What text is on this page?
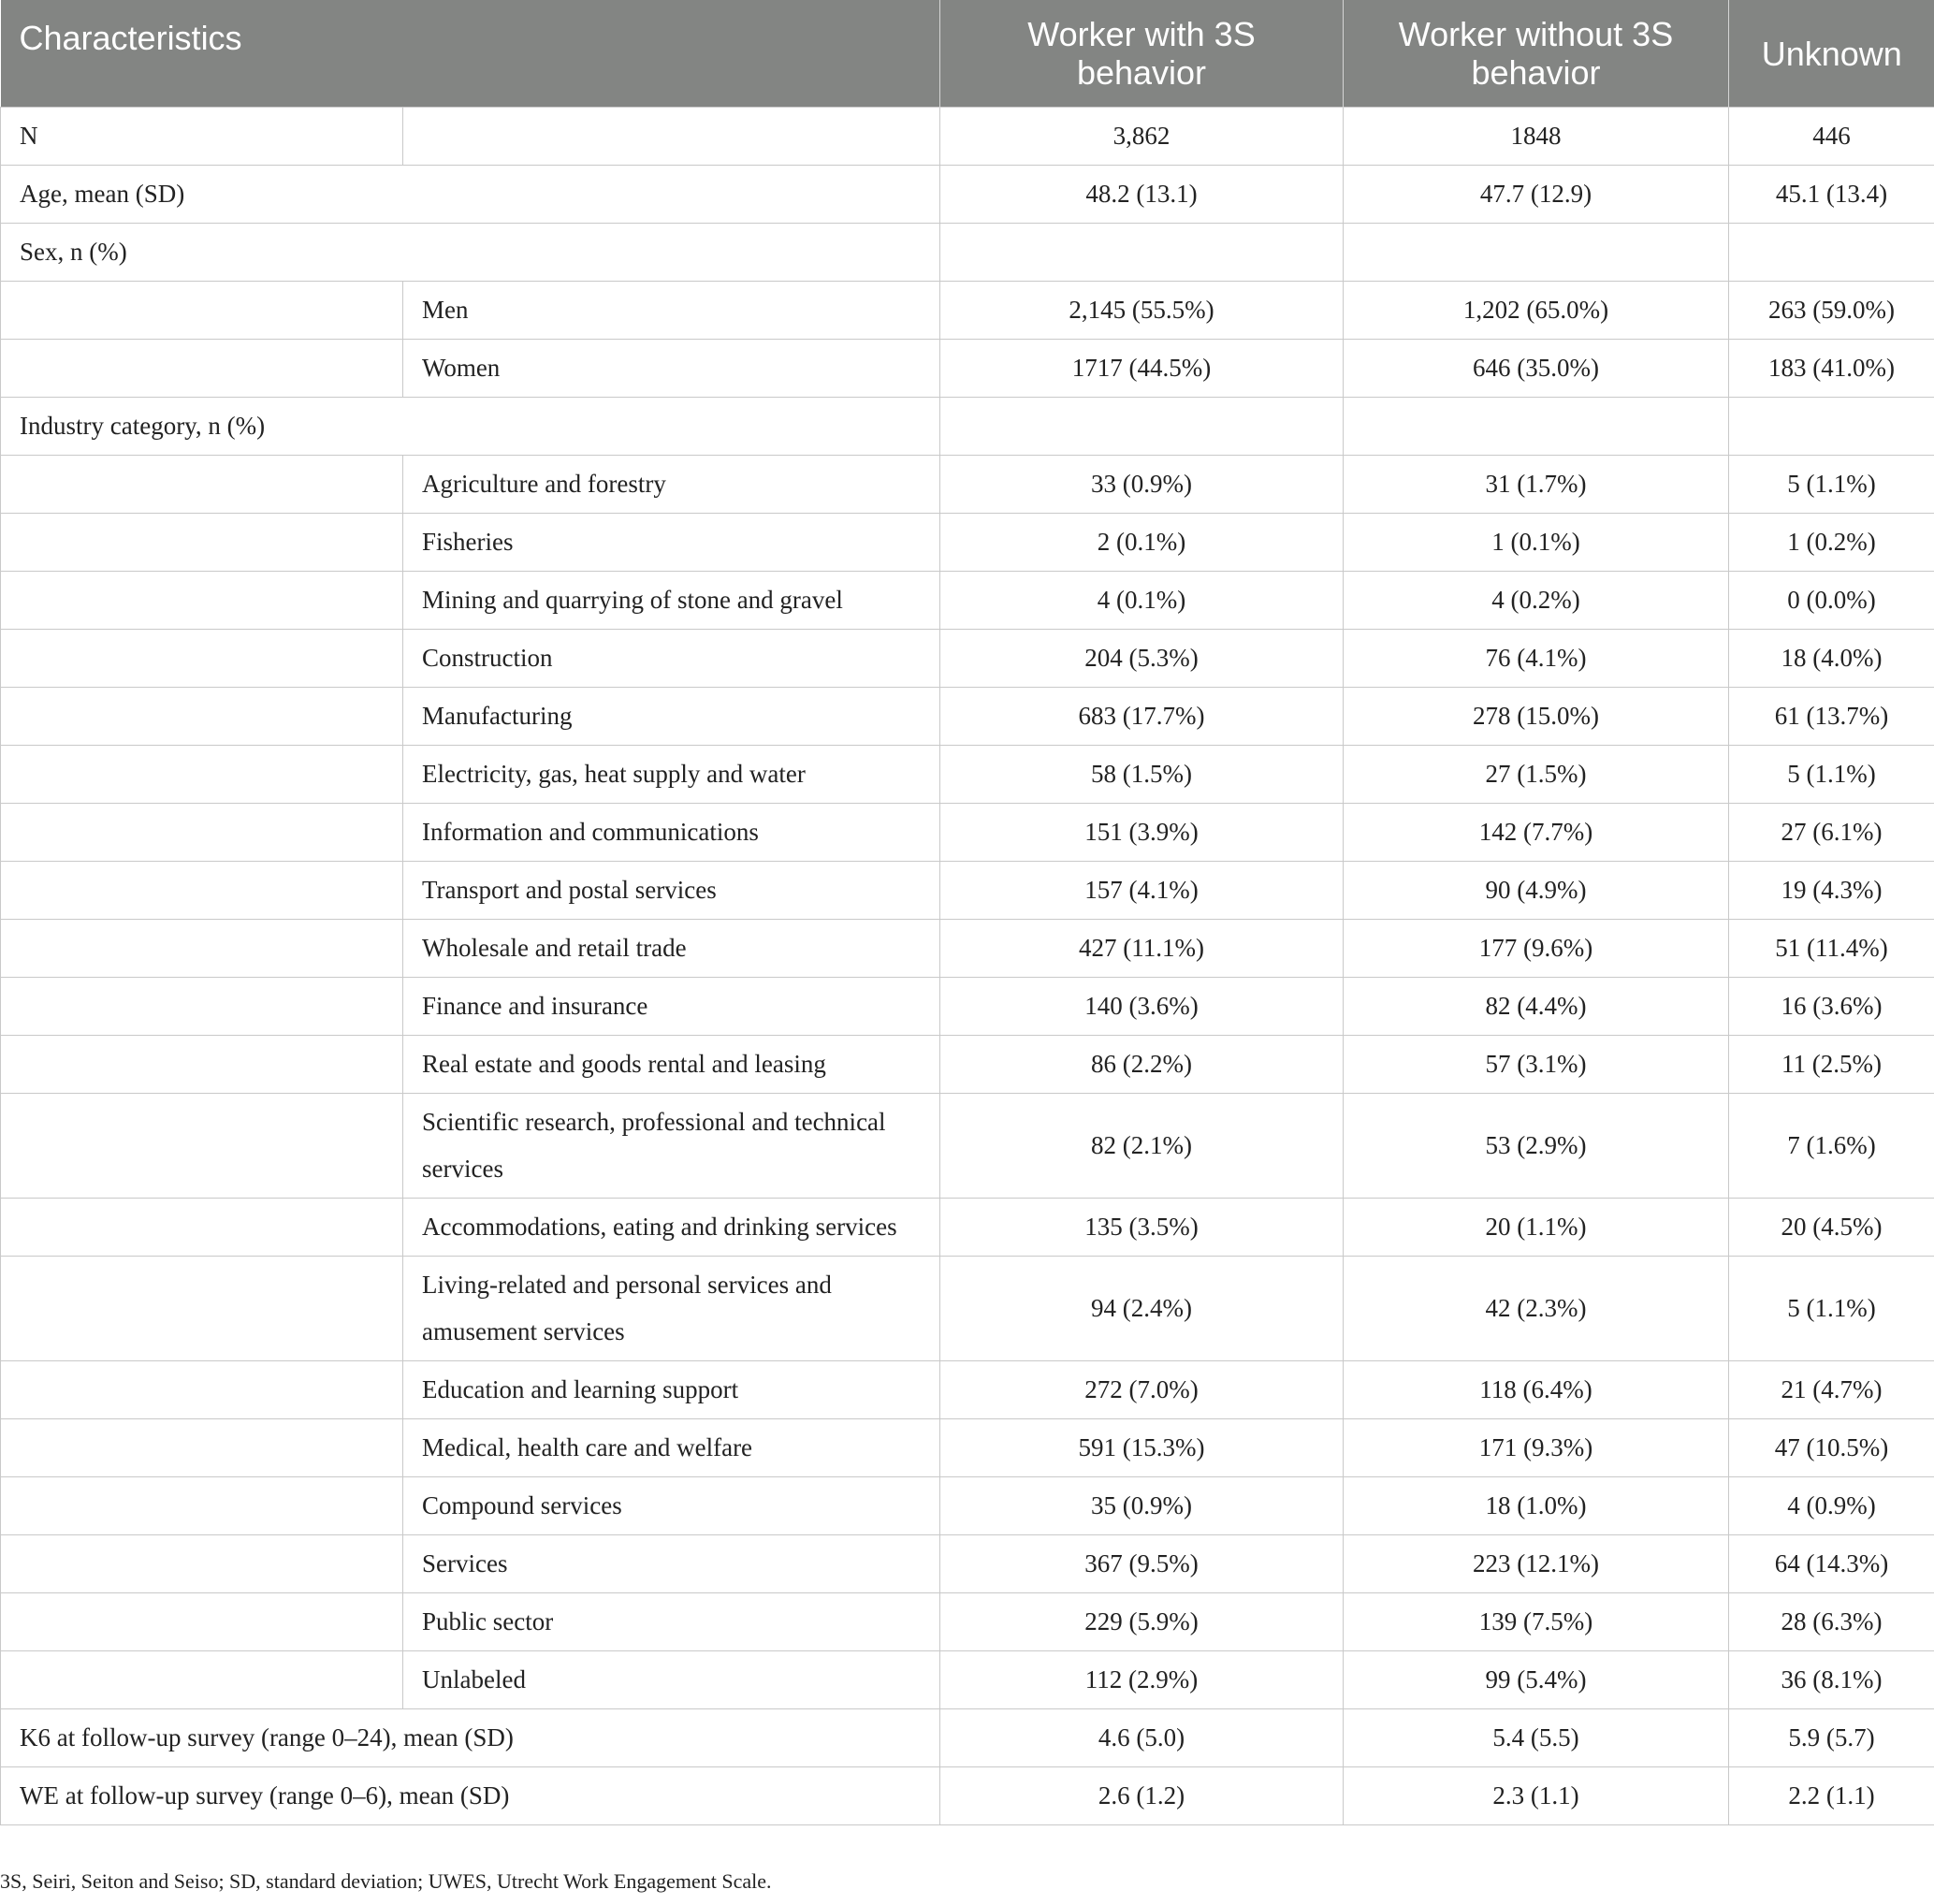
Characteristics		Worker with 3S behavior	Worker without 3S behavior	Unknown
N		3,862	1848	446
Age, mean (SD)		48.2 (13.1)	47.7 (12.9)	45.1 (13.4)
Sex, n (%)				
	Men	2,145 (55.5%)	1,202 (65.0%)	263 (59.0%)
	Women	1717 (44.5%)	646 (35.0%)	183 (41.0%)
Industry category, n (%)				
	Agriculture and forestry	33 (0.9%)	31 (1.7%)	5 (1.1%)
	Fisheries	2 (0.1%)	1 (0.1%)	1 (0.2%)
	Mining and quarrying of stone and gravel	4 (0.1%)	4 (0.2%)	0 (0.0%)
	Construction	204 (5.3%)	76 (4.1%)	18 (4.0%)
	Manufacturing	683 (17.7%)	278 (15.0%)	61 (13.7%)
	Electricity, gas, heat supply and water	58 (1.5%)	27 (1.5%)	5 (1.1%)
	Information and communications	151 (3.9%)	142 (7.7%)	27 (6.1%)
	Transport and postal services	157 (4.1%)	90 (4.9%)	19 (4.3%)
	Wholesale and retail trade	427 (11.1%)	177 (9.6%)	51 (11.4%)
	Finance and insurance	140 (3.6%)	82 (4.4%)	16 (3.6%)
	Real estate and goods rental and leasing	86 (2.2%)	57 (3.1%)	11 (2.5%)
	Scientific research, professional and technical services	82 (2.1%)	53 (2.9%)	7 (1.6%)
	Accommodations, eating and drinking services	135 (3.5%)	20 (1.1%)	20 (4.5%)
	Living-related and personal services and amusement services	94 (2.4%)	42 (2.3%)	5 (1.1%)
	Education and learning support	272 (7.0%)	118 (6.4%)	21 (4.7%)
	Medical, health care and welfare	591 (15.3%)	171 (9.3%)	47 (10.5%)
	Compound services	35 (0.9%)	18 (1.0%)	4 (0.9%)
	Services	367 (9.5%)	223 (12.1%)	64 (14.3%)
	Public sector	229 (5.9%)	139 (7.5%)	28 (6.3%)
	Unlabeled	112 (2.9%)	99 (5.4%)	36 (8.1%)
K6 at follow-up survey (range 0–24), mean (SD)		4.6 (5.0)	5.4 (5.5)	5.9 (5.7)
WE at follow-up survey (range 0–6), mean (SD)		2.6 (1.2)	2.3 (1.1)	2.2 (1.1)
3S, Seiri, Seiton and Seiso; SD, standard deviation; UWES, Utrecht Work Engagement Scale.
